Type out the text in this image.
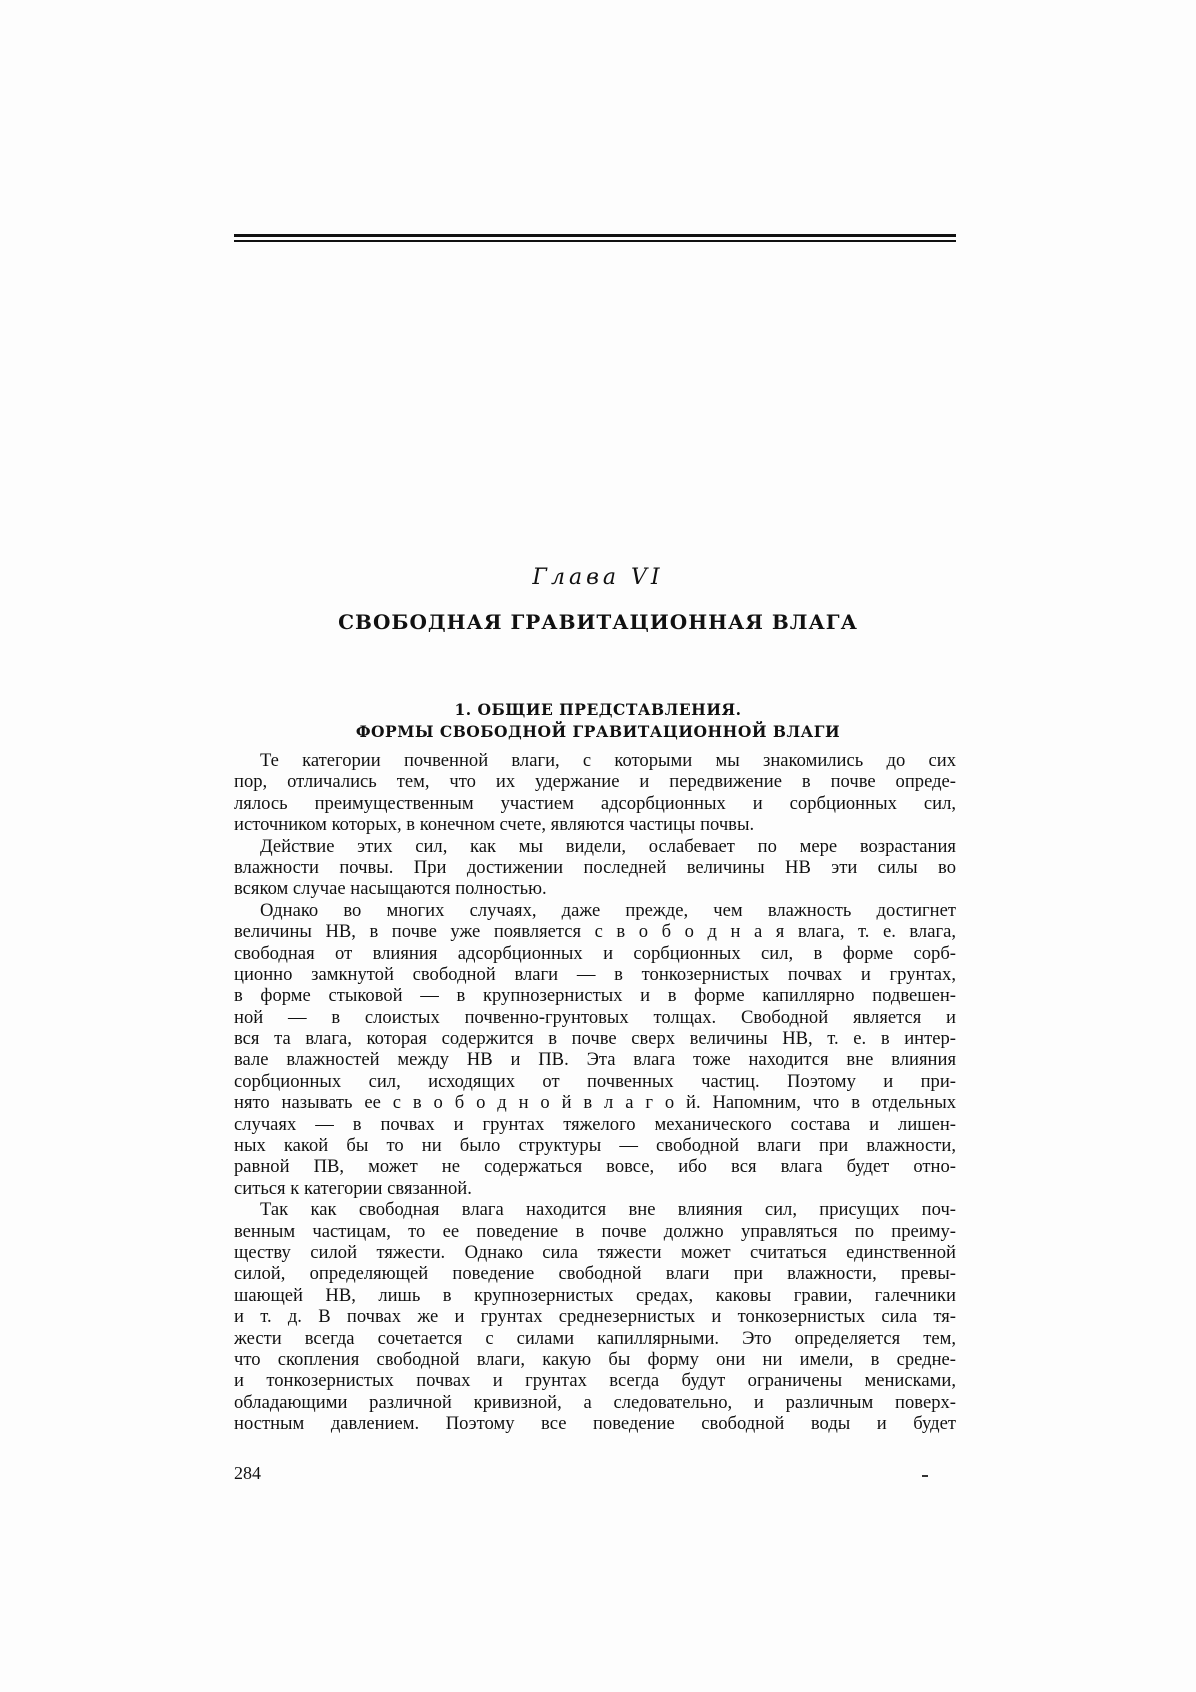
Глава VI
СВОБОДНАЯ ГРАВИТАЦИОННАЯ ВЛАГА
1. ОБЩИЕ ПРЕДСТАВЛЕНИЯ.
ФОРМЫ СВОБОДНОЙ ГРАВИТАЦИОННОЙ ВЛАГИ
Те категории почвенной влаги, с которыми мы знакомились до сих
пор, отличались тем, что их удержание и передвижение в почве опреде-
лялось преимущественным участием адсорбционных и сорбционных сил,
источником которых, в конечном счете, являются частицы почвы.
Действие этих сил, как мы видели, ослабевает по мере возрастания
влажности почвы. При достижении последней величины НВ эти силы во
всяком случае насыщаются полностью.
Однако во многих случаях, даже прежде, чем влажность достигнет
величины НВ, в почве уже появляется с в о б о д н а я влага, т. е. влага,
свободная от влияния адсорбционных и сорбционных сил, в форме сорб-
ционно замкнутой свободной влаги — в тонкозернистых почвах и грунтах,
в форме стыковой — в крупнозернистых и в форме капиллярно подвешен-
ной — в слоистых почвенно-грунтовых толщах. Свободной является и
вся та влага, которая содержится в почве сверх величины НВ, т. е. в интер-
вале влажностей между НВ и ПВ. Эта влага тоже находится вне влияния
сорбционных сил, исходящих от почвенных частиц. Поэтому и при-
нято называть ее с в о б о д н о й в л а г о й. Напомним, что в отдельных
случаях — в почвах и грунтах тяжелого механического состава и лишен-
ных какой бы то ни было структуры — свободной влаги при влажности,
равной ПВ, может не содержаться вовсе, ибо вся влага будет отно-
ситься к категории связанной.
Так как свободная влага находится вне влияния сил, присущих поч-
венным частицам, то ее поведение в почве должно управляться по преиму-
ществу силой тяжести. Однако сила тяжести может считаться единственной
силой, определяющей поведение свободной влаги при влажности, превы-
шающей НВ, лишь в крупнозернистых средах, каковы гравии, галечники
и т. д. В почвах же и грунтах среднезернистых и тонкозернистых сила тя-
жести всегда сочетается с силами капиллярными. Это определяется тем,
что скопления свободной влаги, какую бы форму они ни имели, в средне-
и тонкозернистых почвах и грунтах всегда будут ограничены менисками,
обладающими различной кривизной, а следовательно, и различным поверх-
ностным давлением. Поэтому все поведение свободной воды и будет
284
